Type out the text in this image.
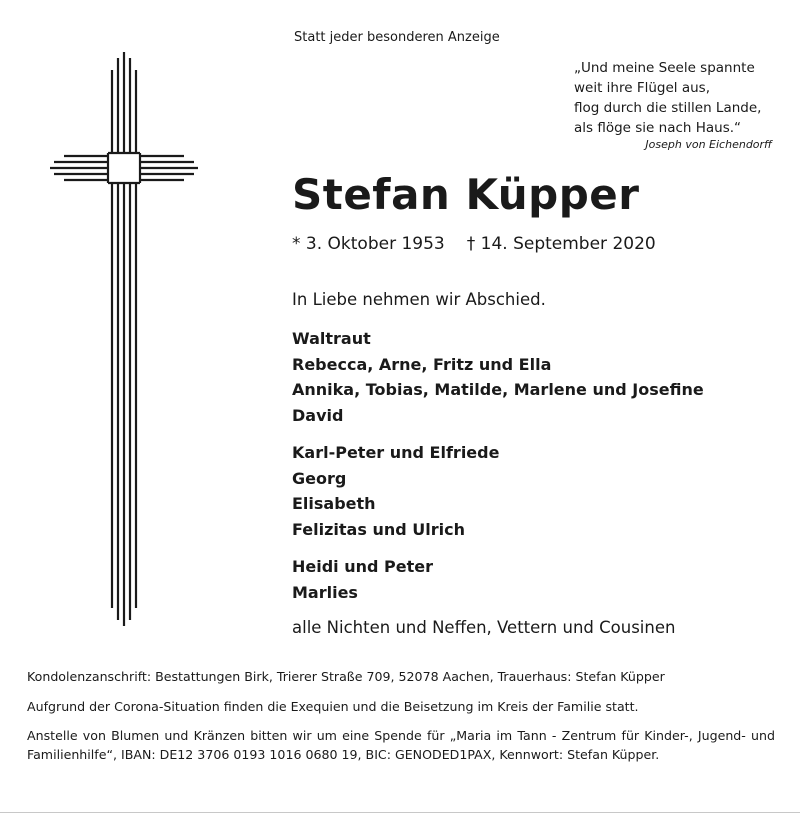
Statt jeder besonderen Anzeige
„Und meine Seele spannte
weit ihre Flügel aus,
flog durch die stillen Lande,
als flöge sie nach Haus.“
Joseph von Eichendorff
Stefan Küpper
* 3. Oktober 1953 † 14. September 2020
In Liebe nehmen wir Abschied.
Waltraut
Rebecca, Arne, Fritz und Ella
Annika, Tobias, Matilde, Marlene und Josefine
David
Karl-Peter und Elfriede
Georg
Elisabeth
Felizitas und Ulrich
Heidi und Peter
Marlies
alle Nichten und Neffen, Vettern und Cousinen

Kondolenzanschrift: Bestattungen Birk, Trierer Straße 709, 52078 Aachen, Trauerhaus: Stefan Küpper

Aufgrund der Corona-Situation finden die Exequien und die Beisetzung im Kreis der Familie statt.

Anstelle von Blumen und Kränzen bitten wir um eine Spende für „Maria im Tann - Zentrum für Kinder-, Jugend- und Familienhilfe“, IBAN: DE12 3706 0193 1016 0680 19, BIC: GENODED1PAX, Kennwort: Stefan Küpper.
